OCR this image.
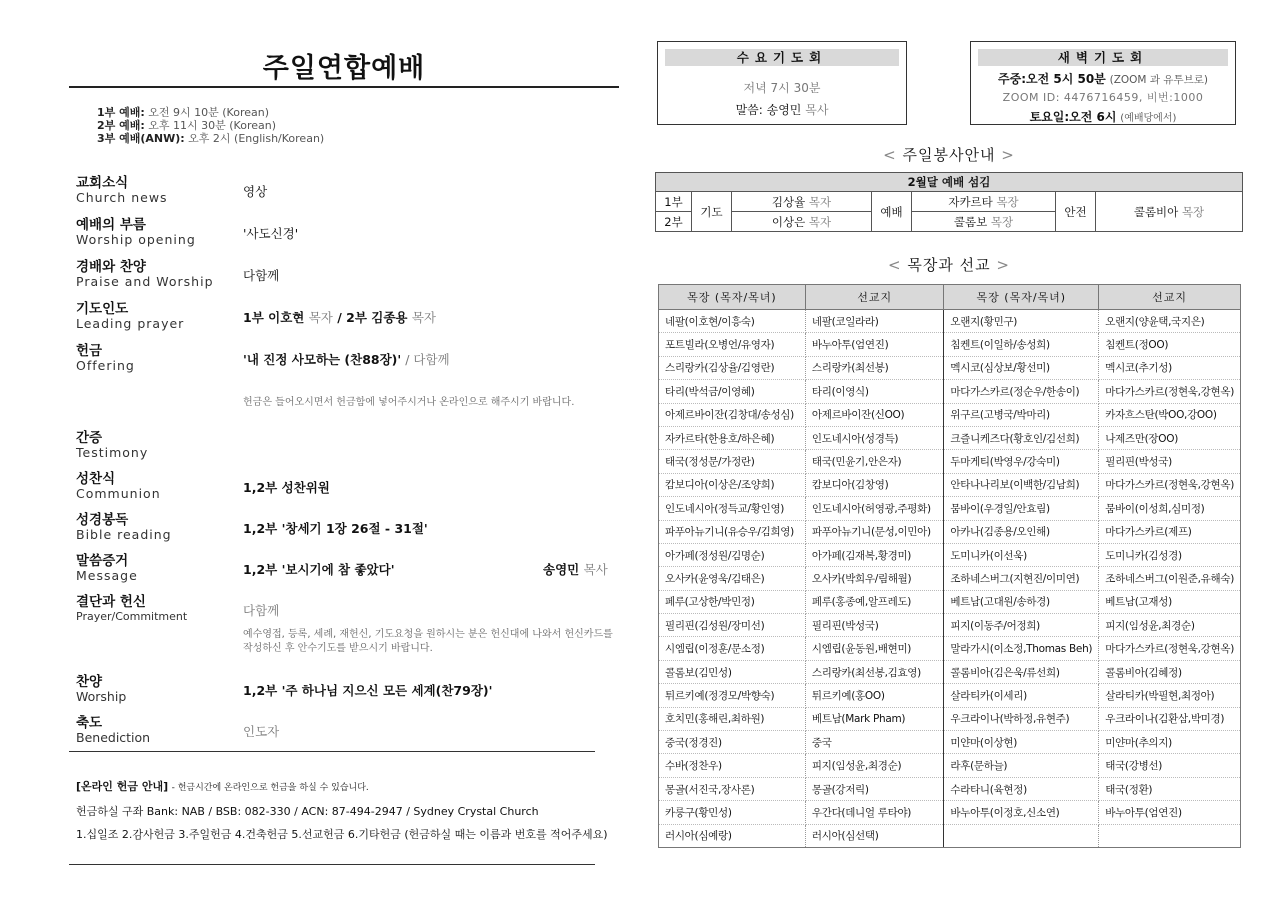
주일연합예배
1부 예배: 오전 9시 10분 (Korean)
2부 예배: 오후 11시 30분 (Korean)
3부 예배(ANW): 오후 2시 (English/Korean)
교회소식
Church news	영상
예배의 부름
Worship opening	'사도신경'
경배와 찬양
Praise and Worship	다함께
기도인도
Leading prayer	1부 이호현 목자 / 2부 김종용 목자
헌금
Offering	'내 진정 사모하는 (찬88장)' / 다함께
헌금은 들어오시면서 헌금함에 넣어주시거나 온라인으로 해주시기 바랍니다.
간증
Testimony
성찬식
Communion	1,2부 성찬위원
성경봉독
Bible reading	1,2부 '창세기 1장 26절 - 31절'
말씀증거
Message	1,2부 '보시기에 참 좋았다'	송영민 목사
결단과 헌신
Prayer/Commitment	다함께
예수영접, 등록, 세례, 재헌신, 기도요청을 원하시는 분은 헌신대에 나와서 헌신카드를 작성하신 후 안수기도를 받으시기 바랍니다.
찬양
Worship	1,2부 '주 하나님 지으신 모든 세계(찬79장)'
축도
Benediction	인도자
[온라인 헌금 안내] - 헌금시간에 온라인으로 헌금을 하실 수 있습니다.
헌금하실 구좌 Bank: NAB / BSB: 082-330 / ACN: 87-494-2947 / Sydney Crystal Church
1.십일조 2.감사헌금 3.주일헌금 4.건축헌금 5.선교헌금 6.기타헌금 (헌금하실 때는 이름과 번호를 적어주세요)
수요기도회
저녁 7시 30분
말씀: 송영민 목사
새벽기도회
주중:오전 5시 50분 (ZOOM 과 유투브로)
ZOOM ID: 4476716459, 비번:1000
토요일:오전 6시 (예배당에서)
< 주일봉사안내 >
2월달 예배 섬김						
1부	기도	김상율 목자	예배	자카르타 목장	안전	콜롬비아 목장
2부		이상은 목자		콜롬보 목장		
< 목장과 선교 >
목장 (목자/목녀)	선교지	목장 (목자/목녀)	선교지
네팔(이호현/이흥숙)	네팔(코일라라)	오랜지(황민구)	오랜지(양윤택,국지은)
포트빌라(오병언/유영자)	바누아투(엄연진)	침켄트(이일하/송성희)	침켄트(정OO)
스리랑카(김상율/김영란)	스리랑카(최선봉)	멕시코(심상보/황선미)	멕시코(추기성)
타리(박석금/이영혜)	타리(이영식)	마다가스카르(정순우/한송이)	마다가스카르(정현욱,강현옥)
아제르바이잔(김창대/송성심)	아제르바이잔(신OO)	위구르(고병국/박마리)	카자흐스탄(박OO,강OO)
자카르타(한용호/하은혜)	인도네시아(성경득)	크즐니케즈다(황호인/김선희)	나제즈만(장OO)
태국(정성문/가정란)	태국(민윤기,안은자)	두마게티(박영우/강숙미)	필리핀(박성국)
캄보디아(이상은/조양희)	캄보디아(김창영)	안타나나리보(이백한/김남희)	마다가스카르(정현욱,강현옥)
인도네시아(정득교/황인영)	인도네시아(허영광,주평화)	뭄바이(우경일/안효림)	뭄바이(이성희,심미정)
파푸아뉴기니(유승우/김희영)	파푸아뉴기니(문성,이민아)	아카나(김종용/오인해)	마다가스카르(제프)
아가페(정성원/김명순)	아가페(김재복,황경미)	도미니카(이선욱)	도미니카(김성경)
오사카(윤영욱/김태은)	오사카(박희우/림해월)	조하네스버그(지현진/이미연)	조하네스버그(이원준,유해숙)
페루(고상한/박민정)	페루(홍종예,알프레도)	베트남(고대원/송하경)	베트남(고재성)
필리핀(김성원/장미선)	필리핀(박성국)	피지(이동주/어정희)	피지(임성윤,최경순)
시엠립(이정훈/문소정)	시엠립(윤동원,배현미)	말라가시(이소정,Thomas Beh)	마다가스카르(정현욱,강현옥)
콜롬보(김민성)	스리랑카(최선봉,김효영)	콜롬비아(김은욱/류선희)	콜롬비아(김혜정)
튀르키예(정경모/박향숙)	튀르키예(홍OO)	살라티카(이세리)	살라티카(박필현,최정아)
호치민(홍해린,최하원)	베트남(Mark Pham)	우크라이나(박하정,유현주)	우크라이나(김환삼,박미경)
중국(정경진)	중국	미얀마(이상현)	미얀마(추의지)
수바(정찬우)	피지(임성윤,최경순)	라후(문하늘)	태국(강병선)
몽골(서진국,장사론)	몽골(강저릭)	수라타니(육현정)	태국(정환)
카룽구(황민성)	우간다(데니얼 루타야)	바누아투(이정호,신소연)	바누아투(엄연진)
러시아(심예랑)	러시아(심선택)		
